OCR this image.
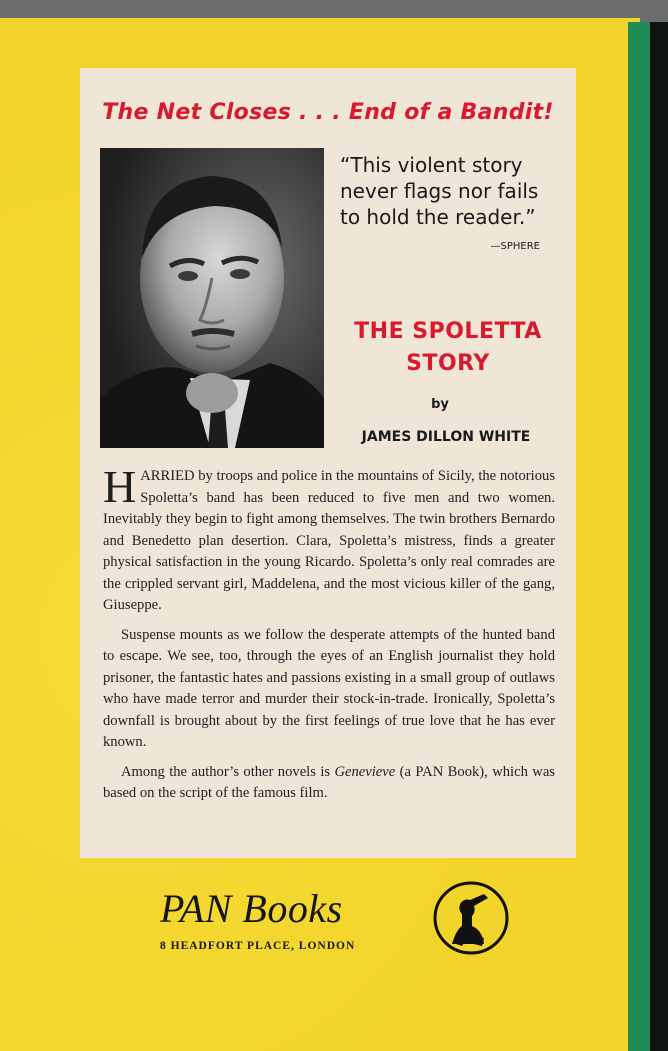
The Net Closes . . . End of a Bandit!
“This violent story never flags nor fails to hold the reader.”
—SPHERE
THE SPOLETTA
STORY
by
JAMES DILLON WHITE

HARRIED by troops and police in the mountains of Sicily, the notorious Spoletta’s band has been reduced to five men and two women. Inevitably they begin to fight among themselves. The twin brothers Bernardo and Benedetto plan desertion. Clara, Spoletta’s mistress, finds a greater physical satisfaction in the young Ricardo. Spoletta’s only real comrades are the crippled servant girl, Maddelena, and the most vicious killer of the gang, Giuseppe.

Suspense mounts as we follow the desperate attempts of the hunted band to escape. We see, too, through the eyes of an English journalist they hold prisoner, the fantastic hates and passions existing in a small group of outlaws who have made terror and murder their stock-in-trade. Ironically, Spoletta’s downfall is brought about by the first feelings of true love that he has ever known.

Among the author’s other novels is Genevieve (a PAN Book), which was based on the script of the famous film.

PAN Books
8 HEADFORT PLACE, LONDON
